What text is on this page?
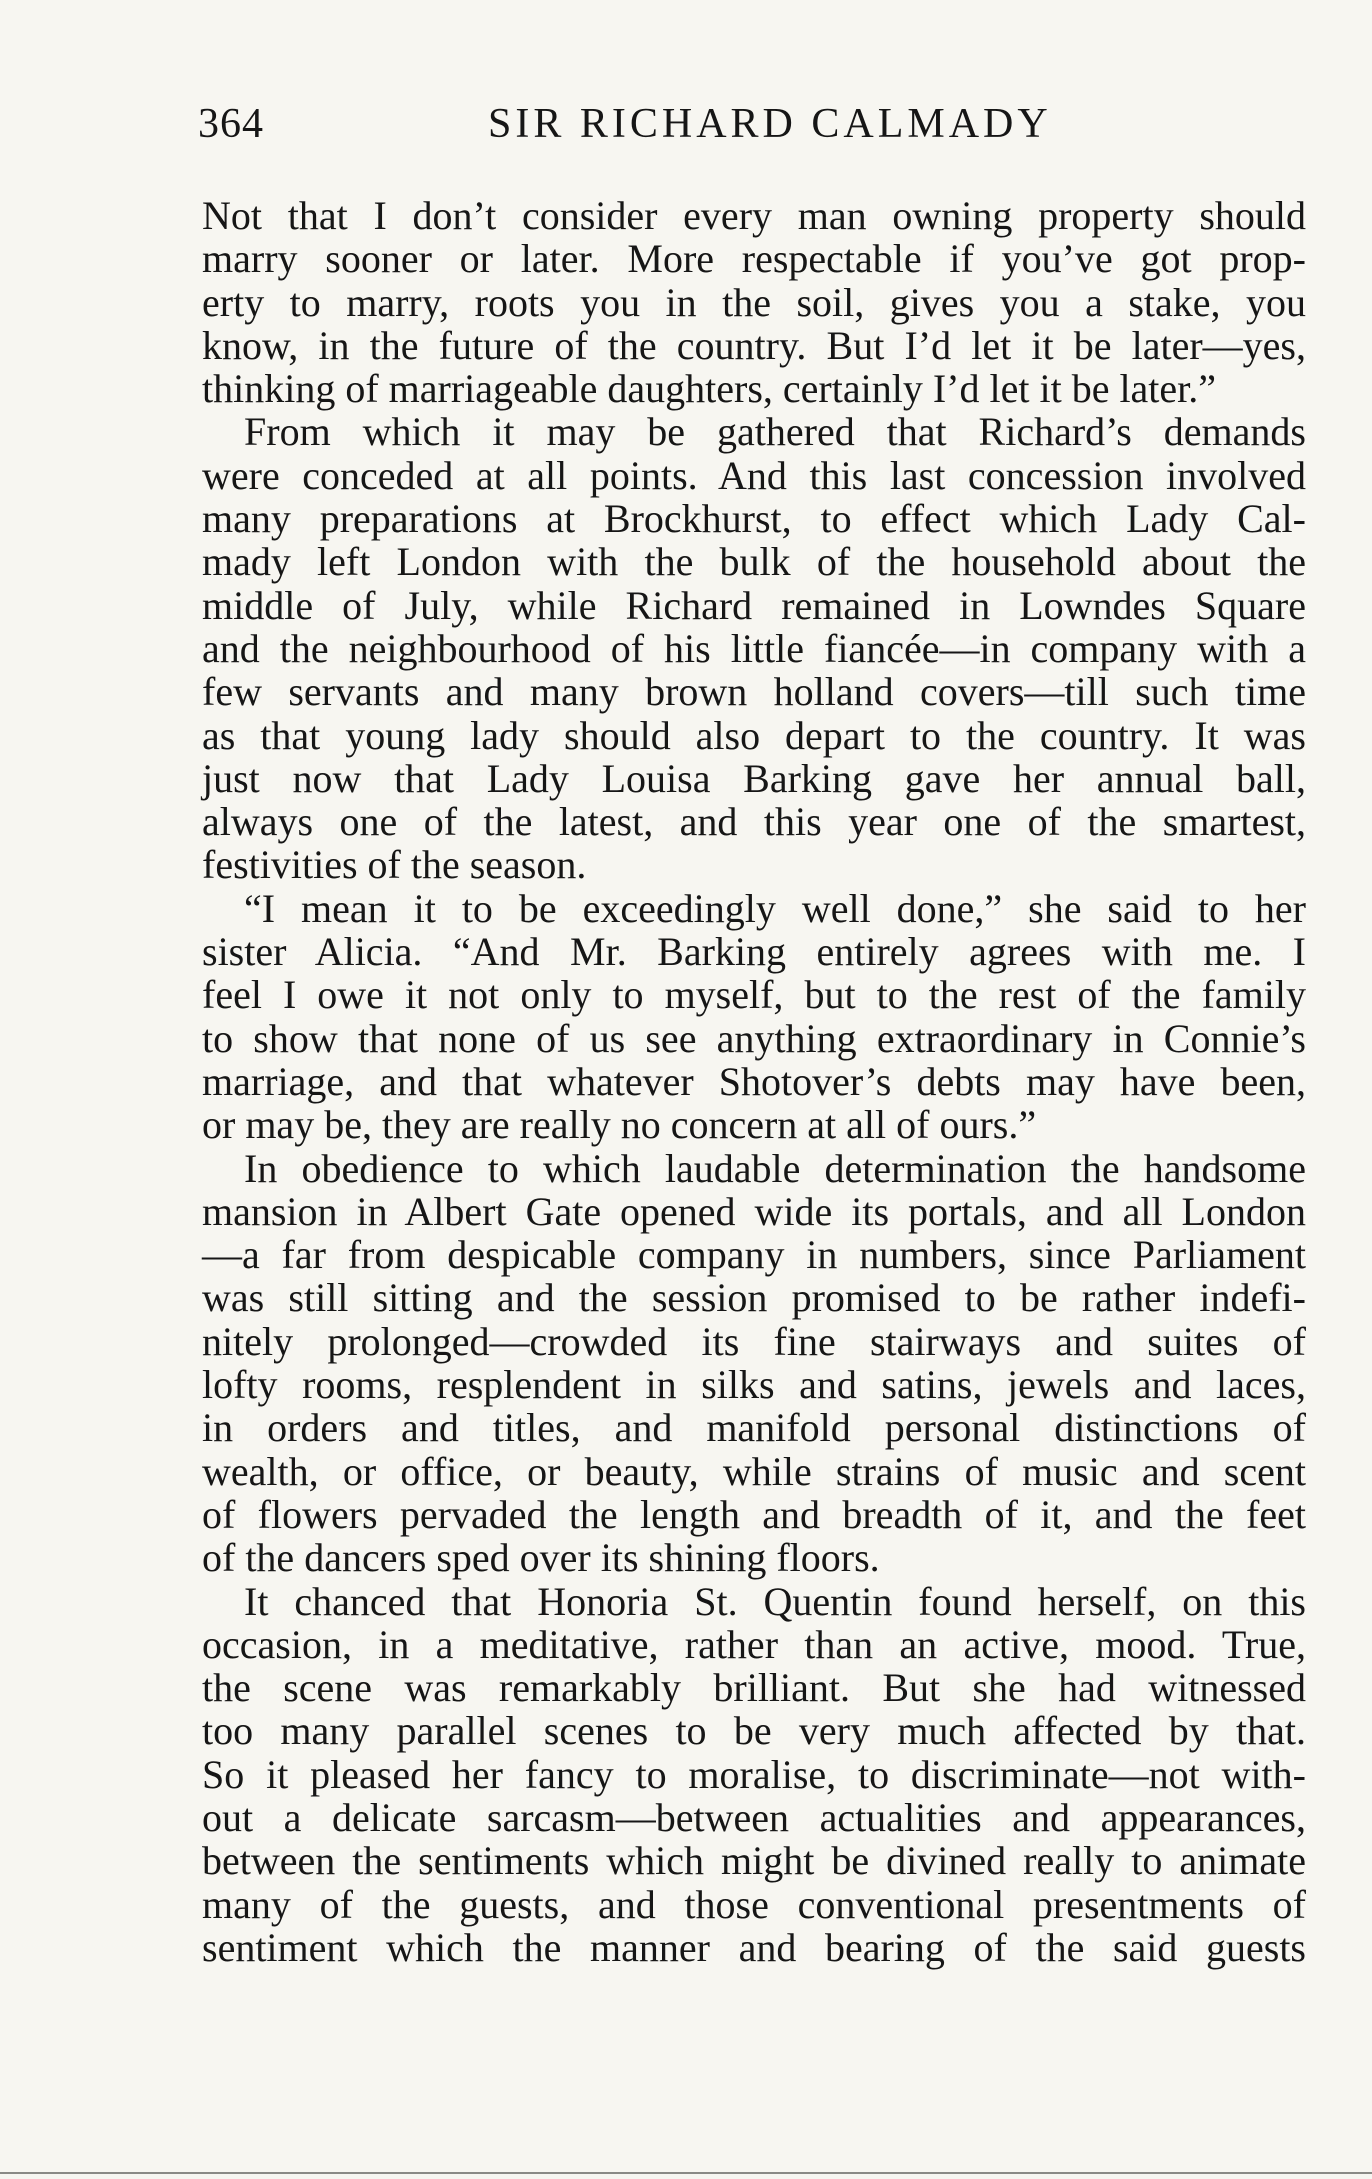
364	SIR RICHARD CALMADY
Not that I don’t consider every man owning property should
marry sooner or later. More respectable if you’ve got prop-
erty to marry, roots you in the soil, gives you a stake, you
know, in the future of the country. But I’d let it be later—yes,
thinking of marriageable daughters, certainly I’d let it be later.”
From which it may be gathered that Richard’s demands
were conceded at all points. And this last concession involved
many preparations at Brockhurst, to effect which Lady Cal-
mady left London with the bulk of the household about the
middle of July, while Richard remained in Lowndes Square
and the neighbourhood of his little fiancée—in company with a
few servants and many brown holland covers—till such time
as that young lady should also depart to the country. It was
just now that Lady Louisa Barking gave her annual ball,
always one of the latest, and this year one of the smartest,
festivities of the season.
“I mean it to be exceedingly well done,” she said to her
sister Alicia. “And Mr. Barking entirely agrees with me. I
feel I owe it not only to myself, but to the rest of the family
to show that none of us see anything extraordinary in Connie’s
marriage, and that whatever Shotover’s debts may have been,
or may be, they are really no concern at all of ours.”
In obedience to which laudable determination the handsome
mansion in Albert Gate opened wide its portals, and all London
—a far from despicable company in numbers, since Parliament
was still sitting and the session promised to be rather indefi-
nitely prolonged—crowded its fine stairways and suites of
lofty rooms, resplendent in silks and satins, jewels and laces,
in orders and titles, and manifold personal distinctions of
wealth, or office, or beauty, while strains of music and scent
of flowers pervaded the length and breadth of it, and the feet
of the dancers sped over its shining floors.
It chanced that Honoria St. Quentin found herself, on this
occasion, in a meditative, rather than an active, mood. True,
the scene was remarkably brilliant. But she had witnessed
too many parallel scenes to be very much affected by that.
So it pleased her fancy to moralise, to discriminate—not with-
out a delicate sarcasm—between actualities and appearances,
between the sentiments which might be divined really to animate
many of the guests, and those conventional presentments of
sentiment which the manner and bearing of the said guests
